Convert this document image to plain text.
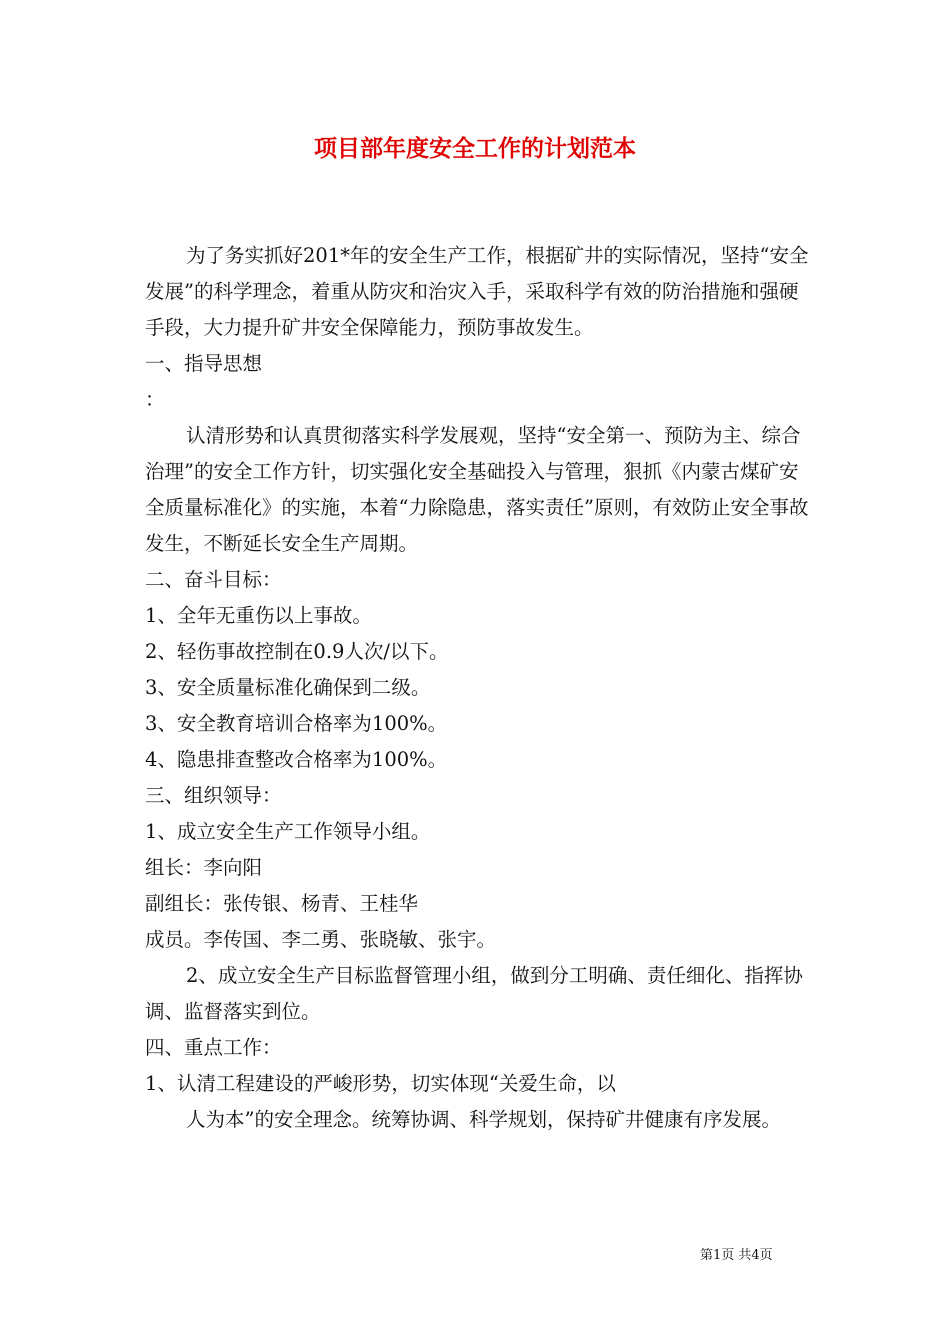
项目部年度安全工作的计划范本

为了务实抓好201*年的安全生产工作，根据矿井的实际情况，坚持“安全发展”的科学理念，着重从防灾和治灾入手，采取科学有效的防治措施和强硬手段，大力提升矿井安全保障能力，预防事故发生。

一、指导思想

：

认清形势和认真贯彻落实科学发展观，坚持“安全第一、预防为主、综合治理”的安全工作方针，切实强化安全基础投入与管理，狠抓《内蒙古煤矿安全质量标准化》的实施，本着“力除隐患，落实责任”原则，有效防止安全事故发生，不断延长安全生产周期。

二、奋斗目标：

1、全年无重伤以上事故。

2、轻伤事故控制在0.9人次/以下。

3、安全质量标准化确保到二级。

3、安全教育培训合格率为100%。

4、隐患排查整改合格率为100%。

三、组织领导：

1、成立安全生产工作领导小组。

组长：李向阳

副组长：张传银、杨青、王桂华

成员。李传国、李二勇、张晓敏、张宇。

2、成立安全生产目标监督管理小组，做到分工明确、责任细化、指挥协调、监督落实到位。

四、重点工作：

1、认清工程建设的严峻形势，切实体现“关爱生命，以

人为本”的安全理念。统筹协调、科学规划，保持矿井健康有序发展。

第1页 共4页
